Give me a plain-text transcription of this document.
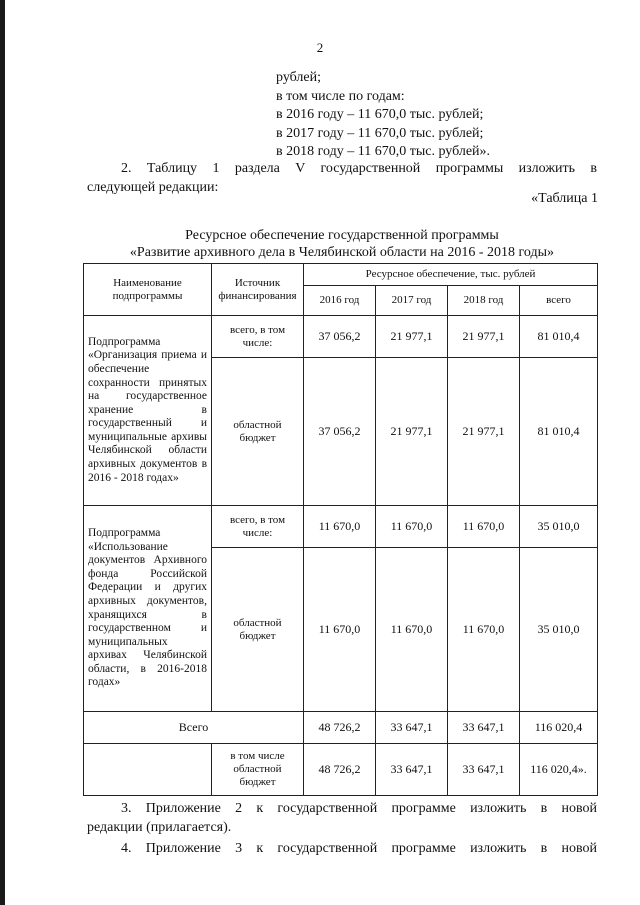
2
рублей;
в том числе по годам:
в 2016 году – 11 670,0 тыс. рублей;
в 2017 году – 11 670,0 тыс. рублей;
в 2018 году – 11 670,0 тыс. рублей».
2. Таблицу 1 раздела V государственной программы изложить в
следующей редакции:
«Таблица 1
Ресурсное обеспечение государственной программы
«Развитие архивного дела в Челябинской области на 2016 - 2018 годы»
Наименование подпрограммы	Источник финансирования	Ресурсное обеспечение, тыс. рублей			
		2016 год	2017 год	2018 год	всего
Подпрограмма «Организация приема и обеспечение сохранности принятых на государственное хранение в государственный и муниципальные архивы Челябинской области архивных документов в 2016 - 2018 годах»	всего, в том числе:	37 056,2	21 977,1	21 977,1	81 010,4
	областной бюджет	37 056,2	21 977,1	21 977,1	81 010,4
Подпрограмма «Использование документов Архивного фонда Российской Федерации и других архивных документов, хранящихся в государственном и муниципальных архивах Челябинской области, в 2016-2018 годах»	всего, в том числе:	11 670,0	11 670,0	11 670,0	35 010,0
	областной бюджет	11 670,0	11 670,0	11 670,0	35 010,0
Всего		48 726,2	33 647,1	33 647,1	116 020,4
	в том числе областной бюджет	48 726,2	33 647,1	33 647,1	116 020,4».
3. Приложение 2 к государственной программе изложить в новой
редакции (прилагается).
4. Приложение 3 к государственной программе изложить в новой
